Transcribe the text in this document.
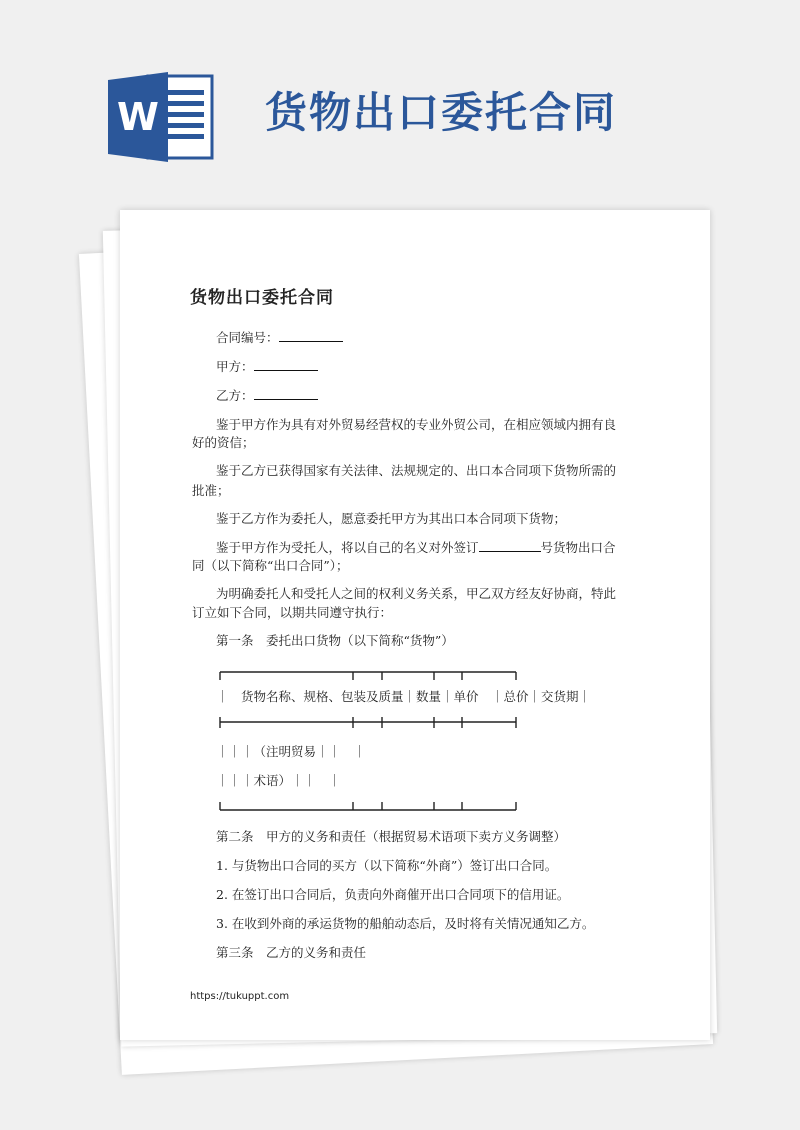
W	货物出口委托合同
货物出口委托合同
合同编号：
甲方：
乙方：
鉴于甲方作为具有对外贸易经营权的专业外贸公司，在相应领域内拥有良
好的资信；
鉴于乙方已获得国家有关法律、法规规定的、出口本合同项下货物所需的
批准；
鉴于乙方作为委托人，愿意委托甲方为其出口本合同项下货物；
鉴于甲方作为受托人，将以自己的名义对外签订	号货物出口合
同（以下简称“出口合同”）；
为明确委托人和受托人之间的权利义务关系，甲乙双方经友好协商，特此
订立如下合同，以期共同遵守执行：
第一条　委托出口货物（以下简称“货物”）
｜　货物名称、规格、包装及质量｜数量｜单价　｜总价｜交货期｜
｜｜｜（注明贸易｜｜　｜
｜｜｜术语）｜｜　｜
第二条　甲方的义务和责任（根据贸易术语项下卖方义务调整）
1. 与货物出口合同的买方（以下简称“外商”）签订出口合同。
2. 在签订出口合同后，负责向外商催开出口合同项下的信用证。
3. 在收到外商的承运货物的船舶动态后，及时将有关情况通知乙方。
第三条　乙方的义务和责任
https://tukuppt.com
